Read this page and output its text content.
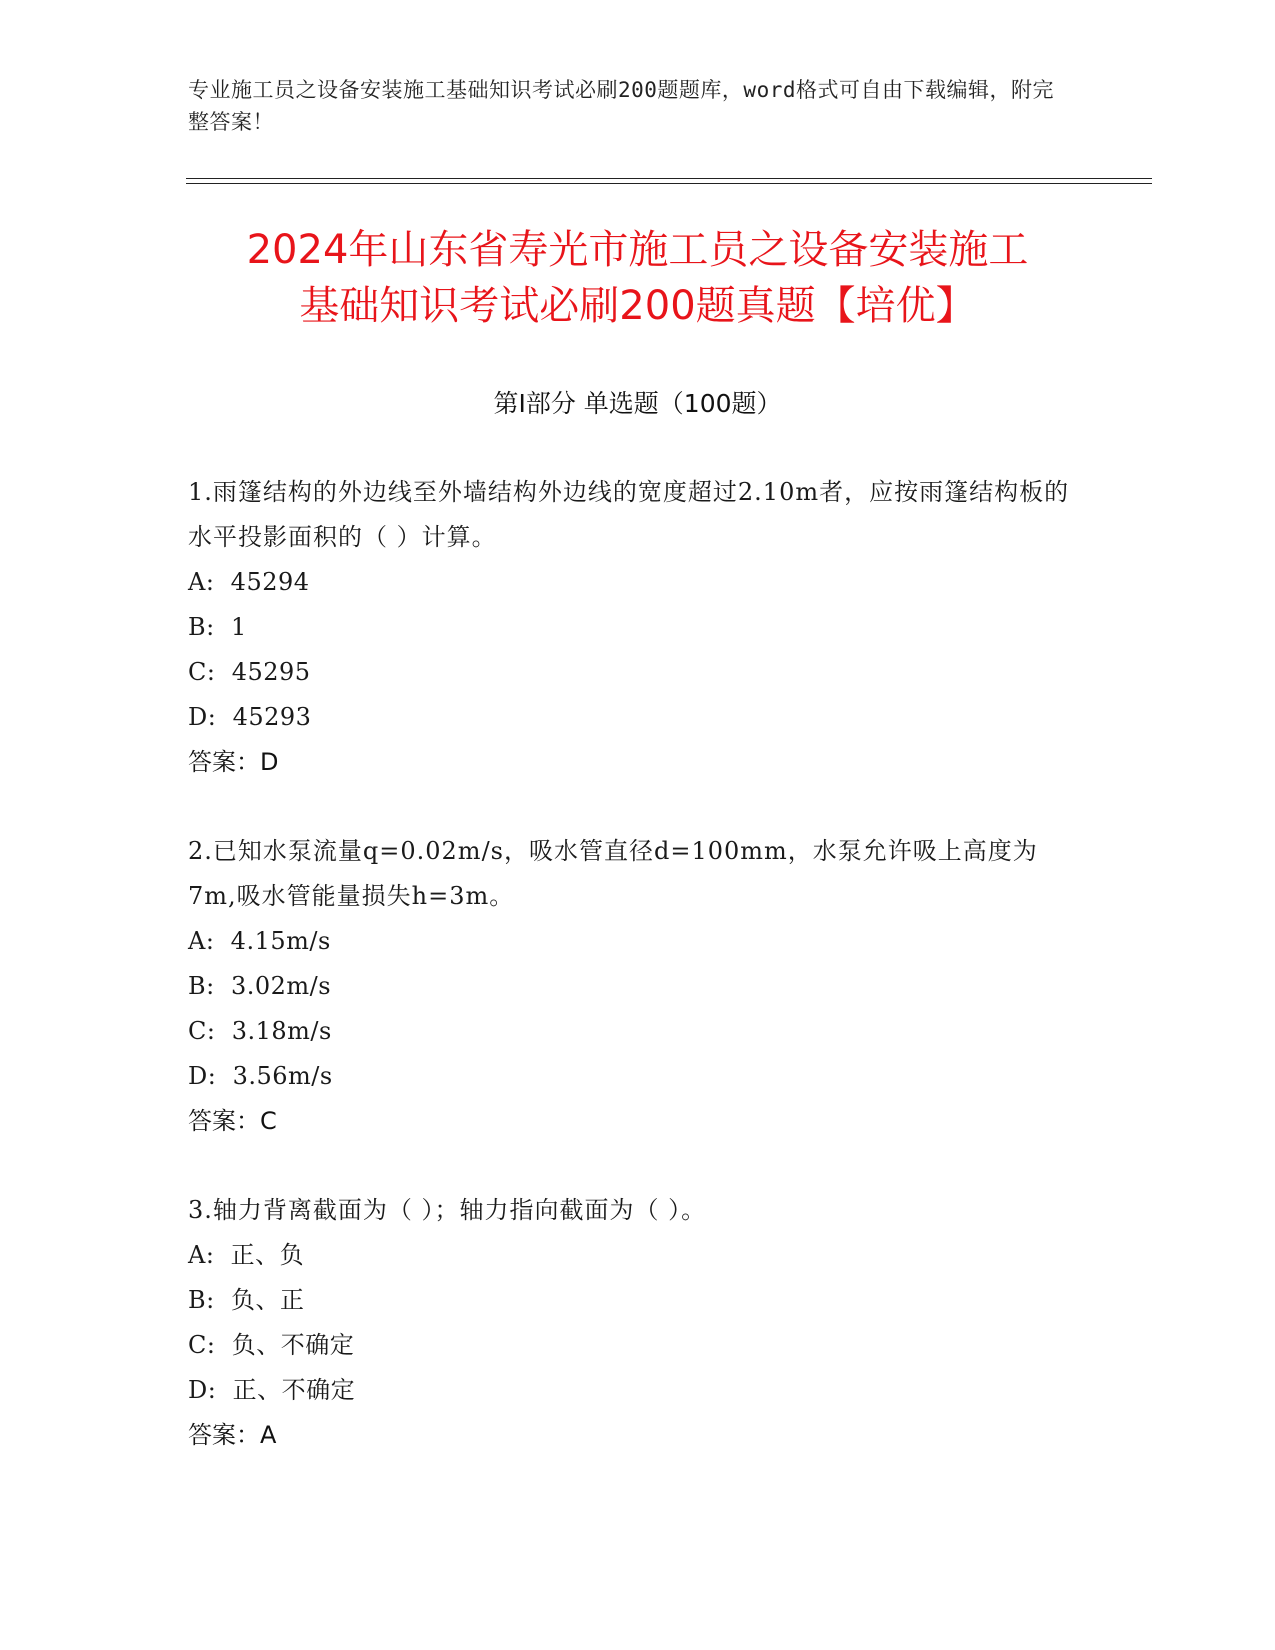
专业施工员之设备安装施工基础知识考试必刷200题题库，word格式可自由下载编辑，附完整答案！
2024年山东省寿光市施工员之设备安装施工
基础知识考试必刷200题真题【培优】
第I部分 单选题（100题）
1.雨篷结构的外边线至外墙结构外边线的宽度超过2.10m者，应按雨篷结构板的水平投影面积的（ ）计算。
A:  45294
B:  1
C:  45295
D:  45293
答案：D
2.已知水泵流量q=0.02m/s，吸水管直径d=100mm，水泵允许吸上高度为7m,吸水管能量损失h=3m。
A:  4.15m/s
B:  3.02m/s
C:  3.18m/s
D:  3.56m/s
答案：C
3.轴力背离截面为（ ）；轴力指向截面为（ ）。
A:  正、负
B:  负、正
C:  负、不确定
D:  正、不确定
答案：A
